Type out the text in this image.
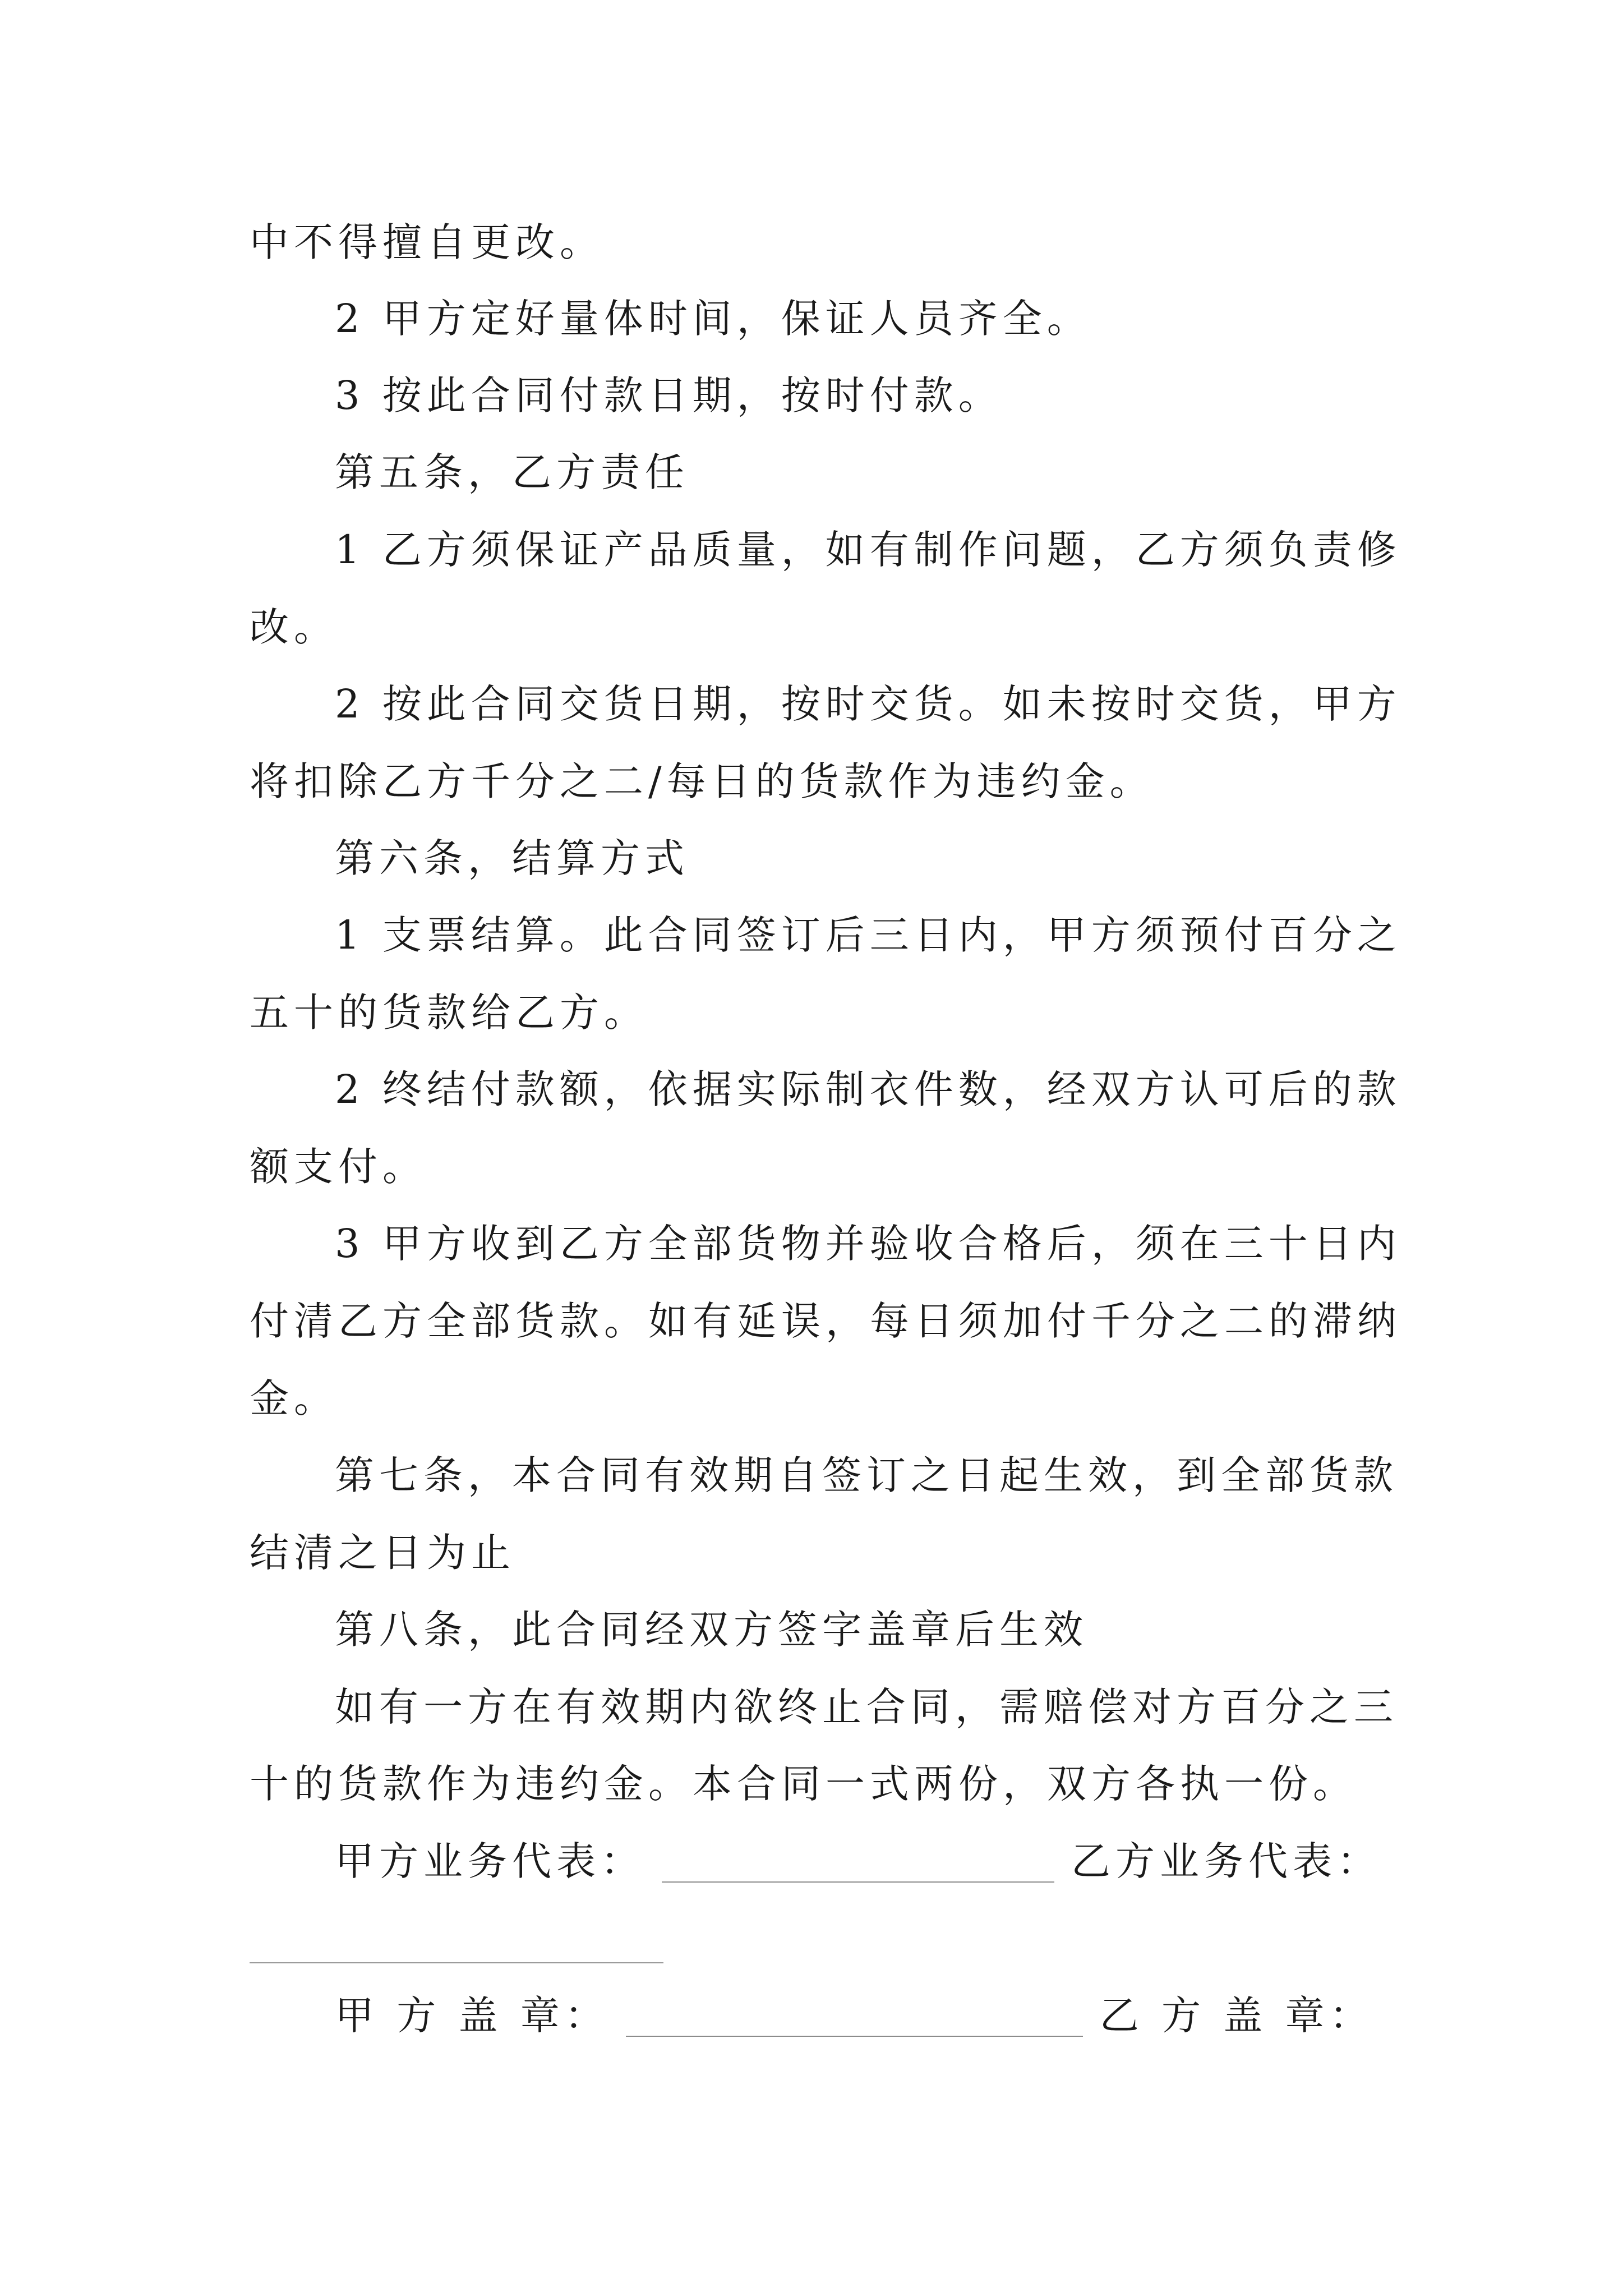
中不得擅自更改。
2 甲方定好量体时间，保证人员齐全。
3 按此合同付款日期，按时付款。
第五条，乙方责任
1 乙方须保证产品质量，如有制作问题，乙方须负责修
改。
2 按此合同交货日期，按时交货。如未按时交货，甲方
将扣除乙方千分之二/每日的货款作为违约金。
第六条，结算方式
1 支票结算。此合同签订后三日内，甲方须预付百分之
五十的货款给乙方。
2 终结付款额，依据实际制衣件数，经双方认可后的款
额支付。
3 甲方收到乙方全部货物并验收合格后，须在三十日内
付清乙方全部货款。如有延误，每日须加付千分之二的滞纳
金。
第七条，本合同有效期自签订之日起生效，到全部货款
结清之日为止
第八条，此合同经双方签字盖章后生效
如有一方在有效期内欲终止合同，需赔偿对方百分之三
十的货款作为违约金。本合同一式两份，双方各执一份。
甲方业务代表：	乙方业务代表：
甲 方 盖 章：	乙 方 盖 章：
